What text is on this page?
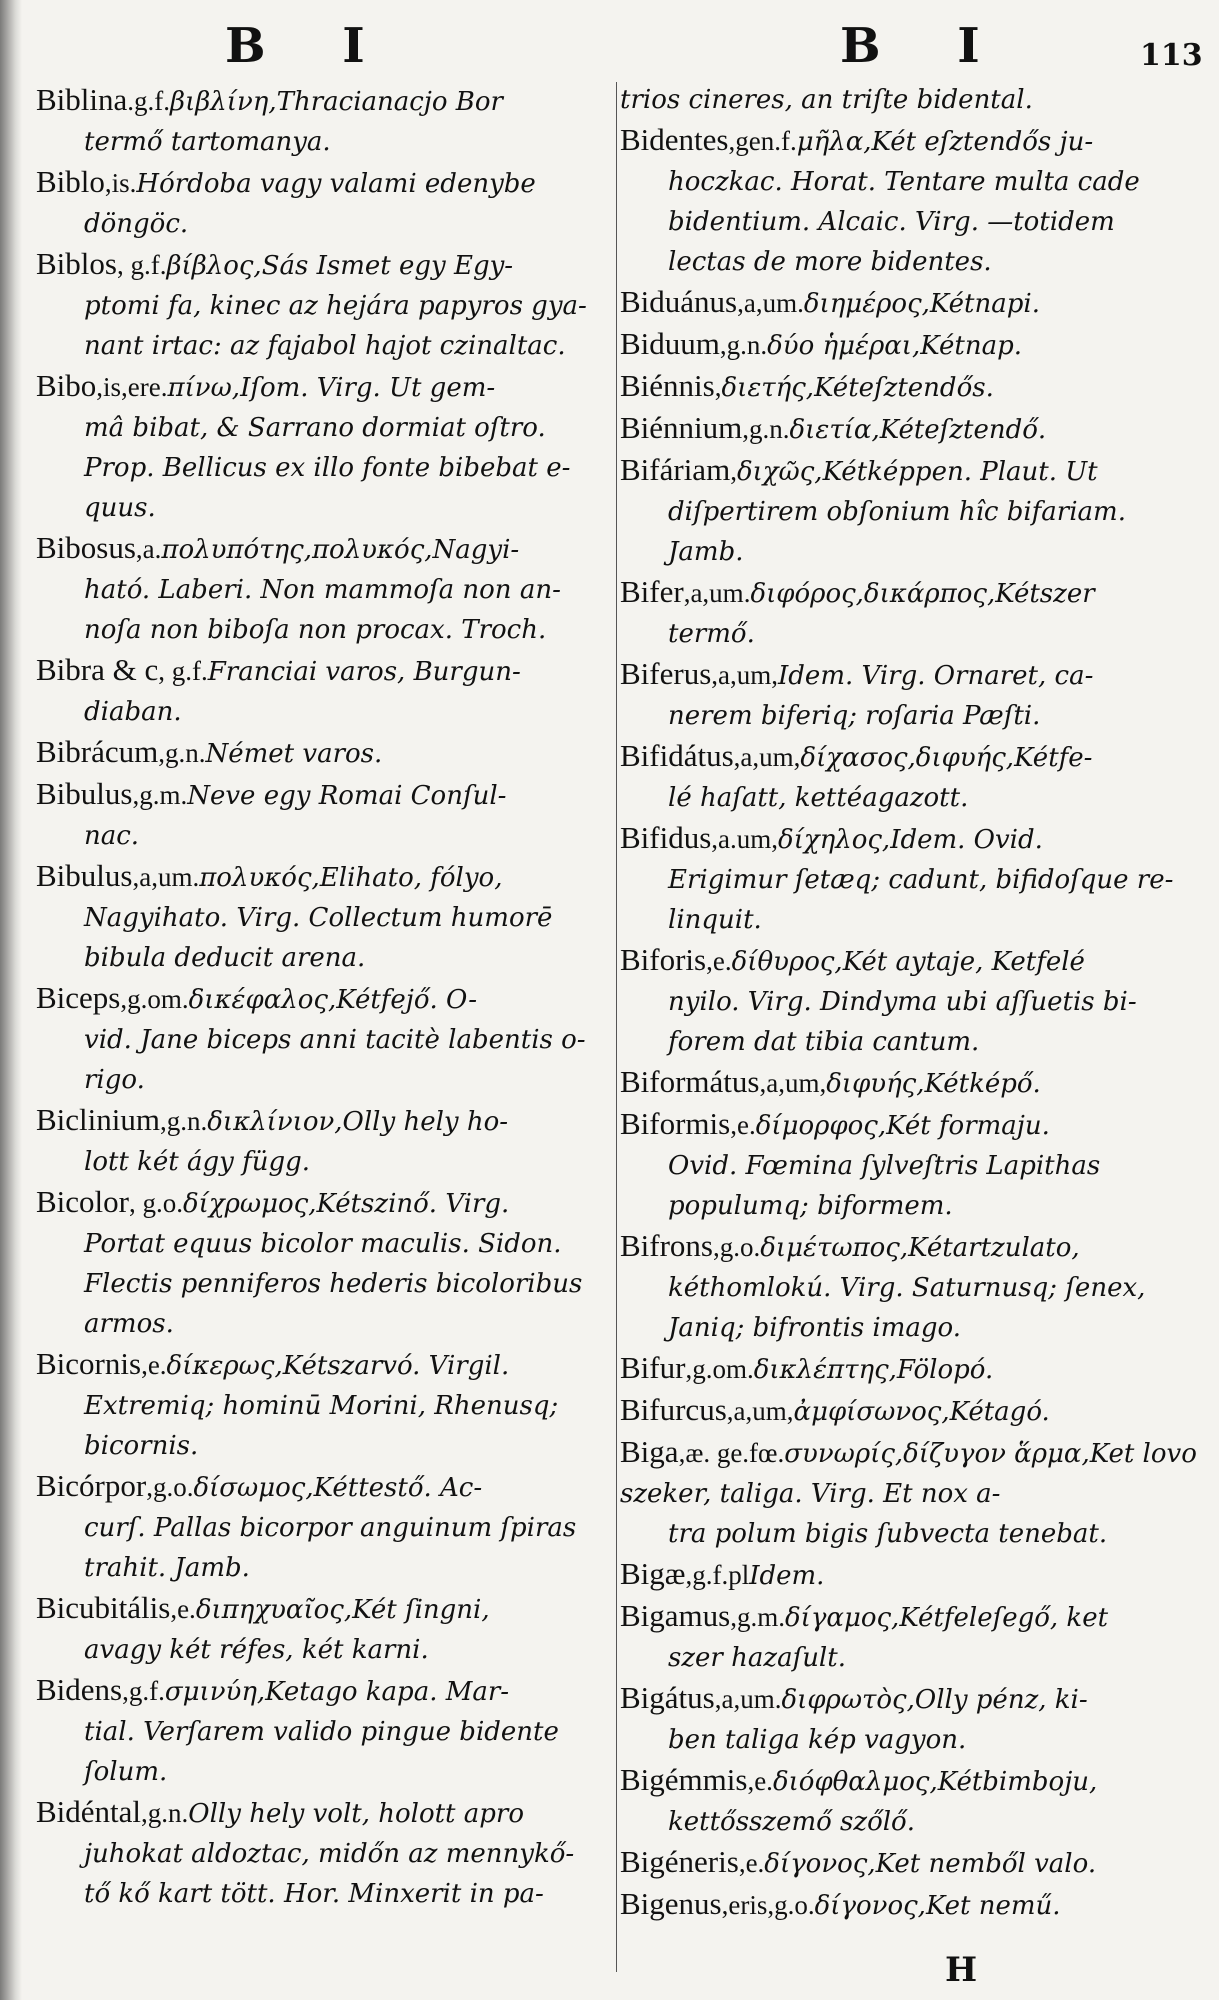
B I	B I	113

Biblina.g.f.βιβλίνη,Thracianacjo Bor
termő tartomanya.

Biblo,is.Hórdoba vagy valami edenybe
döngöc.

Biblos, g.f.βίβλος,Sás Ismet egy Egy-
ptomi fa, kinec az hejára papyros gya-
nant irtac: az fajabol hajot czinaltac.

Bibo,is,ere.πίνω,Iſom. Virg. Ut gem-
mâ bibat, & Sarrano dormiat oſtro.
Prop. Bellicus ex illo fonte bibebat e-
quus.

Bibosus,a.πολυπότης,πολυκός,Nagyi-
ható. Laberi. Non mammoſa non an-
noſa non biboſa non procax. Troch.

Bibra & c, g.f.Franciai varos, Burgun-
diaban.

Bibrácum,g.n.Német varos.

Bibulus,g.m.Neve egy Romai Conſul-
nac.

Bibulus,a,um.πολυκός,Elihato, fólyo,
Nagyihato. Virg. Collectum humorē
bibula deducit arena.

Biceps,g.om.δικέφαλος,Kétfejő. O-
vid. Jane biceps anni tacitè labentis o-
rigo.

Biclinium,g.n.δικλίνιον,Olly hely ho-
lott két ágy függ.

Bicolor, g.o.δίχρωμος,Kétszinő. Virg.
Portat equus bicolor maculis. Sidon.
Flectis penniferos hederis bicoloribus
armos.

Bicornis,e.δίκερως,Kétszarvó. Virgil.
Extremiq; hominū Morini, Rhenusq;
bicornis.

Bicórpor,g.o.δίσωμος,Kéttestő. Ac-
curſ. Pallas bicorpor anguinum ſpiras
trahit. Jamb.

Bicubitális,e.διπηχυαῖος,Két ſingni,
avagy két réfes, két karni.

Bidens,g.f.σμινύη,Ketago kapa. Mar-
tial. Verſarem valido pingue bidente
ſolum.

Bidéntal,g.n.Olly hely volt, holott apro
juhokat aldoztac, midőn az mennykő-
tő kő kart tött. Hor. Minxerit in pa-

trios cineres, an triſte bidental.

Bidentes,gen.f.μῆλα,Két eſztendős ju-
hoczkac. Horat. Tentare multa cade
bidentium. Alcaic. Virg. —totidem
lectas de more bidentes.

Biduánus,a,um.διημέρος,Kétnapi.

Biduum,g.n.δύο ἡμέραι,Kétnap.

Biénnis,διετής,Kéteſztendős.

Biénnium,g.n.διετία,Kéteſztendő.

Bifáriam,διχῶς,Kétképpen. Plaut. Ut
diſpertirem obſonium hîc bifariam.
Jamb.

Bifer,a,um.διφόρος,δικάρπος,Kétszer
termő.

Biferus,a,um,Idem. Virg. Ornaret, ca-
nerem biferiq; roſaria Pæſti.

Bifidátus,a,um,δίχασος,διφυής,Kétfe-
lé haſatt, kettéagazott.

Bifidus,a.um,δίχηλος,Idem. Ovid.
Erigimur ſetæq; cadunt, bifidoſque re-
linquit.

Biforis,e.δίθυρος,Két aytaje, Ketfelé
nyilo. Virg. Dindyma ubi aſſuetis bi-
forem dat tibia cantum.

Biformátus,a,um,διφυής,Kétképő.

Biformis,e.δίμορφος,Két formaju.
Ovid. Fœmina ſylveſtris Lapithas
populumq; biformem.

Bifrons,g.o.διμέτωπος,Kétartzulato,
kéthomlokú. Virg. Saturnusq; ſenex,
Janiq; bifrontis imago.

Bifur,g.om.δικλέπτης,Fölopó.

Bifurcus,a,um,ἀμφίσωνος,Kétagó.

Biga,æ. ge.fœ.συνωρίς,δίζυγον ἅρμα,Ket lovo szeker, taliga. Virg. Et nox a-
tra polum bigis ſubvecta tenebat.

Bigæ,g.f.plIdem.

Bigamus,g.m.δίγαμος,Kétfeleſegő, ket
szer hazaſult.

Bigátus,a,um.διφρωτὸς,Olly pénz, ki-
ben taliga kép vagyon.

Bigémmis,e.διόφθαλμος,Kétbimboju,
kettősszemő szőlő.

Bigéneris,e.δίγονος,Ket nemből valo.

Bigenus,eris,g.o.δίγονος,Ket nemű.

H
